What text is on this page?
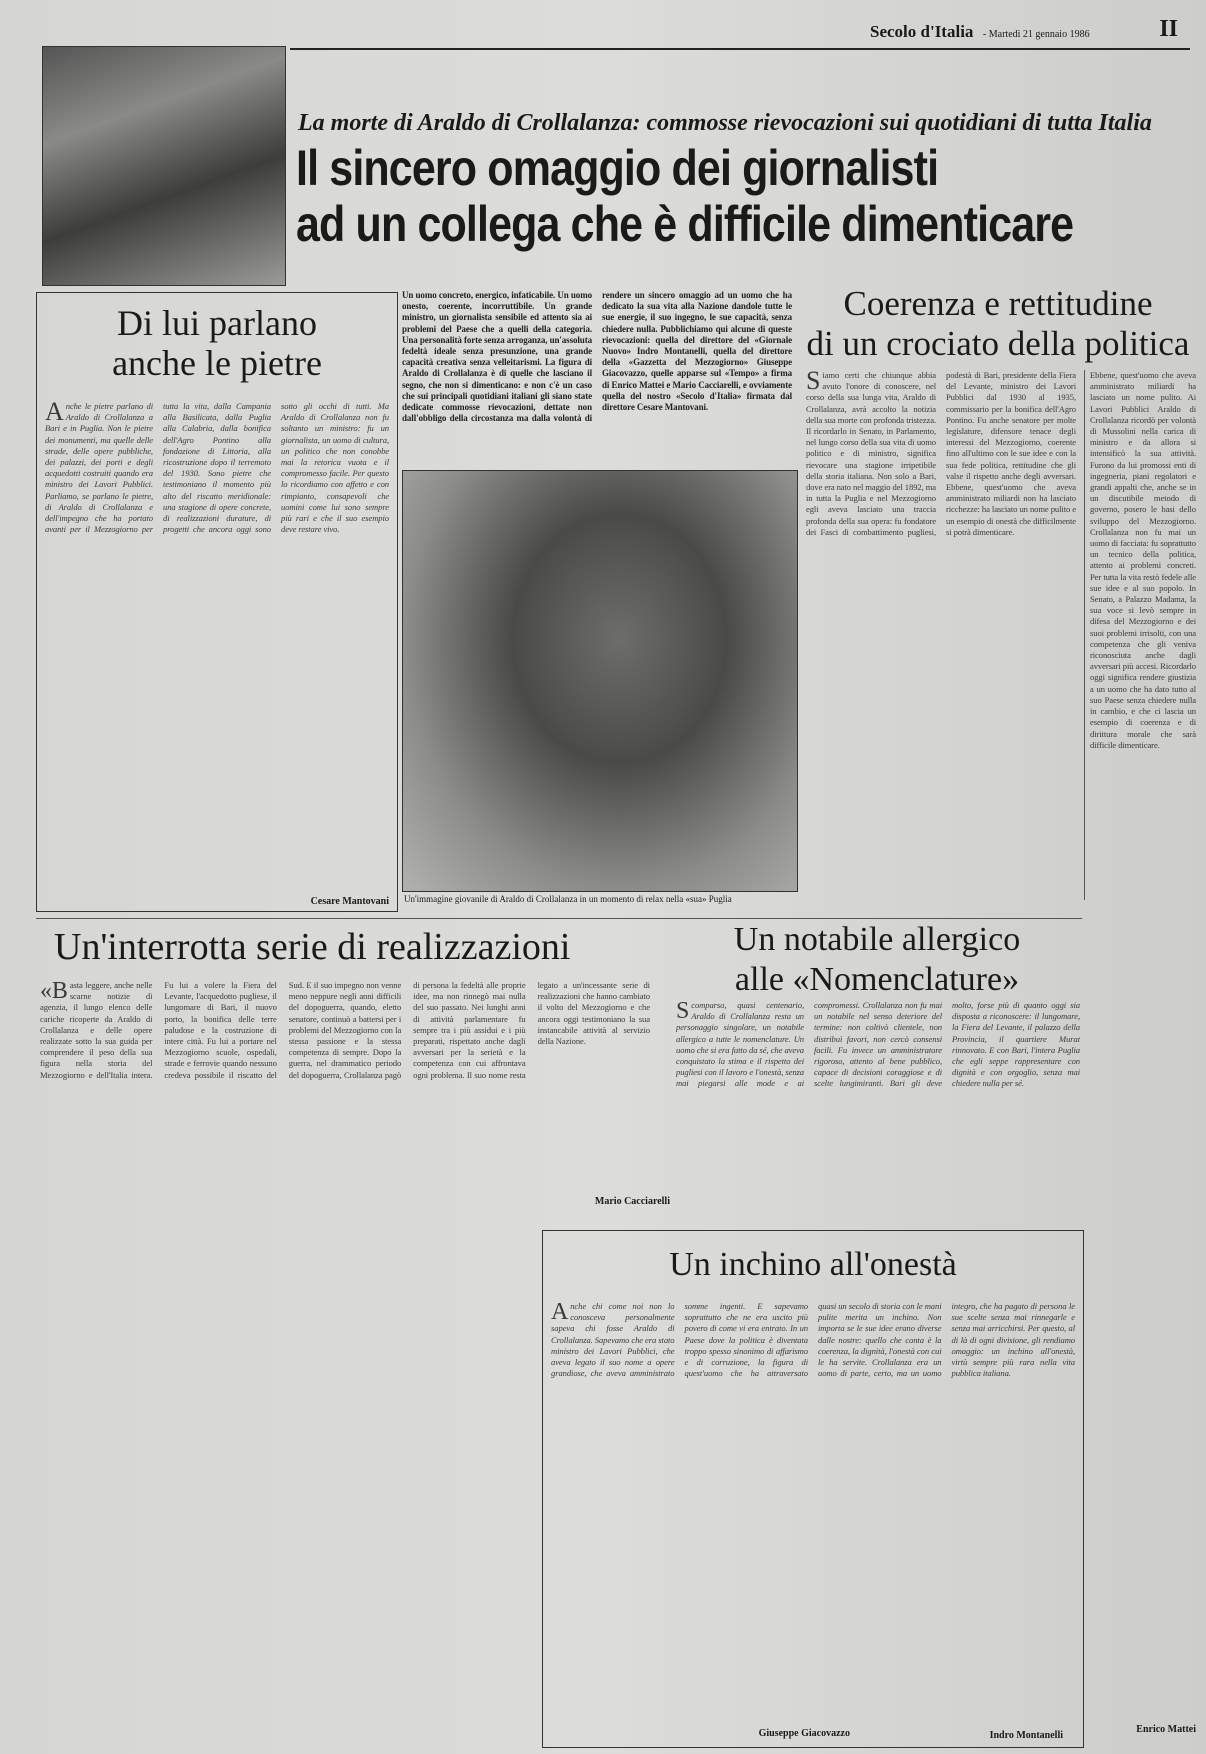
Secolo d'Italia - Martedì 21 gennaio 1986	II
La morte di Araldo di Crollalanza: commosse rievocazioni sui quotidiani di tutta Italia
Il sincero omaggio dei giornalisti
ad un collega che è difficile dimenticare
Di lui parlano
anche le pietre
Anche le pietre parlano di Araldo di Crollalanza a Bari e in Puglia. Non le pietre dei monumenti, ma quelle delle strade, delle opere pubbliche, dei palazzi, dei porti e degli acquedotti costruiti quando era ministro dei Lavori Pubblici. Parliamo, se parlano le pietre, di Araldo di Crollalanza e dell'impegno che ha portato avanti per il Mezzogiorno per tutta la vita, dalla Campania alla Basilicata, dalla Puglia alla Calabria, dalla bonifica dell'Agro Pontino alla fondazione di Littoria, alla ricostruzione dopo il terremoto del 1930. Sono pietre che testimoniano il momento più alto del riscatto meridionale: una stagione di opere concrete, di realizzazioni durature, di progetti che ancora oggi sono sotto gli occhi di tutti. Ma Araldo di Crollalanza non fu soltanto un ministro: fu un giornalista, un uomo di cultura, un politico che non conobbe mai la retorica vuota e il compromesso facile. Per questo lo ricordiamo con affetto e con rimpianto, consapevoli che uomini come lui sono sempre più rari e che il suo esempio deve restare vivo.
Cesare Mantovani
Un uomo concreto, energico, infaticabile. Un uomo onesto, coerente, incorruttibile. Un grande ministro, un giornalista sensibile ed attento sia ai problemi del Paese che a quelli della categoria. Una personalità forte senza arroganza, un'assoluta fedeltà ideale senza presunzione, una grande capacità creativa senza velleitarismi. La figura di Araldo di Crollalanza è di quelle che lasciano il segno, che non si dimenticano: e non c'è un caso che sui principali quotidiani italiani gli siano state dedicate commosse rievocazioni, dettate non dall'obbligo della circostanza ma dalla volontà di rendere un sincero omaggio ad un uomo che ha dedicato la sua vita alla Nazione dandole tutte le sue energie, il suo ingegno, le sue capacità, senza chiedere nulla. Pubblichiamo qui alcune di queste rievocazioni: quella del direttore del «Giornale Nuovo» Indro Montanelli, quella del direttore della «Gazzetta del Mezzogiorno» Giuseppe Giacovazzo, quelle apparse sul «Tempo» a firma di Enrico Mattei e Mario Cacciarelli, e ovviamente quella del nostro «Secolo d'Italia» firmata dal direttore Cesare Mantovani.
Un'immagine giovanile di Araldo di Crollalanza in un momento di relax nella «sua» Puglia
Coerenza e rettitudine
di un crociato della politica
Siamo certi che chiunque abbia avuto l'onore di conoscere, nel corso della sua lunga vita, Araldo di Crollalanza, avrà accolto la notizia della sua morte con profonda tristezza. Il ricordarlo in Senato, in Parlamento, nel lungo corso della sua vita di uomo politico e di ministro, significa rievocare una stagione irripetibile della storia italiana. Non solo a Bari, dove era nato nel maggio del 1892, ma in tutta la Puglia e nel Mezzogiorno egli aveva lasciato una traccia profonda della sua opera: fu fondatore dei Fasci di combattimento pugliesi, podestà di Bari, presidente della Fiera del Levante, ministro dei Lavori Pubblici dal 1930 al 1935, commissario per la bonifica dell'Agro Pontino. Fu anche senatore per molte legislature, difensore tenace degli interessi del Mezzogiorno, coerente fino all'ultimo con le sue idee e con la sua fede politica, rettitudine che gli valse il rispetto anche degli avversari. Ebbene, quest'uomo che aveva amministrato miliardi non ha lasciato ricchezze: ha lasciato un nome pulito e un esempio di onestà che difficilmente si potrà dimenticare.
Ebbene, quest'uomo che aveva amministrato miliardi ha lasciato un nome pulito. Ai Lavori Pubblici Araldo di Crollalanza ricordò per volontà di Mussolini nella carica di ministro e da allora si intensificò la sua attività. Furono da lui promossi enti di ingegneria, piani regolatori e grandi appalti che, anche se in un discutibile metodo di governo, posero le basi dello sviluppo del Mezzogiorno. Crollalanza non fu mai un uomo di facciata: fu soprattutto un tecnico della politica, attento ai problemi concreti. Per tutta la vita restò fedele alle sue idee e al suo popolo. In Senato, a Palazzo Madama, la sua voce si levò sempre in difesa del Mezzogiorno e dei suoi problemi irrisolti, con una competenza che gli veniva riconosciuta anche dagli avversari più accesi. Ricordarlo oggi significa rendere giustizia a un uomo che ha dato tutto al suo Paese senza chiedere nulla in cambio, e che ci lascia un esempio di coerenza e di dirittura morale che sarà difficile dimenticare.
Enrico Mattei
Un'interrotta serie di realizzazioni
«Basta leggere, anche nelle scarne notizie di agenzia, il lungo elenco delle cariche ricoperte da Araldo di Crollalanza e delle opere realizzate sotto la sua guida per comprendere il peso della sua figura nella storia del Mezzogiorno e dell'Italia intera. Fu lui a volere la Fiera del Levante, l'acquedotto pugliese, il lungomare di Bari, il nuovo porto, la bonifica delle terre paludose e la costruzione di intere città. Fu lui a portare nel Mezzogiorno scuole, ospedali, strade e ferrovie quando nessuno credeva possibile il riscatto del Sud. E il suo impegno non venne meno neppure negli anni difficili del dopoguerra, quando, eletto senatore, continuò a battersi per i problemi del Mezzogiorno con la stessa passione e la stessa competenza di sempre. Dopo la guerra, nel drammatico periodo del dopoguerra, Crollalanza pagò di persona la fedeltà alle proprie idee, ma non rinnegò mai nulla del suo passato. Nei lunghi anni di attività parlamentare fu sempre tra i più assidui e i più preparati, rispettato anche dagli avversari per la serietà e la competenza con cui affrontava ogni problema. Il suo nome resta legato a un'incessante serie di realizzazioni che hanno cambiato il volto del Mezzogiorno e che ancora oggi testimoniano la sua instancabile attività al servizio della Nazione.
Mario Cacciarelli
Un notabile allergico
alle «Nomenclature»
Scomparso, quasi centenario, Araldo di Crollalanza resta un personaggio singolare, un notabile allergico a tutte le nomenclature. Un uomo che si era fatto da sé, che aveva conquistato la stima e il rispetto dei pugliesi con il lavoro e l'onestà, senza mai piegarsi alle mode e ai compromessi. Crollalanza non fu mai un notabile nel senso deteriore del termine: non coltivò clientele, non distribuì favori, non cercò consensi facili. Fu invece un amministratore rigoroso, attento al bene pubblico, capace di decisioni coraggiose e di scelte lungimiranti. Bari gli deve molto, forse più di quanto oggi sia disposta a riconoscere: il lungomare, la Fiera del Levante, il palazzo della Provincia, il quartiere Murat rinnovato. E con Bari, l'intera Puglia che egli seppe rappresentare con dignità e con orgoglio, senza mai chiedere nulla per sé.
Un inchino all'onestà
Anche chi come noi non lo conosceva personalmente sapeva chi fosse Araldo di Crollalanza. Sapevamo che era stato ministro dei Lavori Pubblici, che aveva legato il suo nome a opere grandiose, che aveva amministrato somme ingenti. E sapevamo soprattutto che ne era uscito più povero di come vi era entrato. In un Paese dove la politica è diventata troppo spesso sinonimo di affarismo e di corruzione, la figura di quest'uomo che ha attraversato quasi un secolo di storia con le mani pulite merita un inchino. Non importa se le sue idee erano diverse dalle nostre: quello che conta è la coerenza, la dignità, l'onestà con cui le ha servite. Crollalanza era un uomo di parte, certo, ma un uomo integro, che ha pagato di persona le sue scelte senza mai rinnegarle e senza mai arricchirsi. Per questo, al di là di ogni divisione, gli rendiamo omaggio: un inchino all'onestà, virtù sempre più rara nella vita pubblica italiana.
Indro Montanelli
Giuseppe Giacovazzo
